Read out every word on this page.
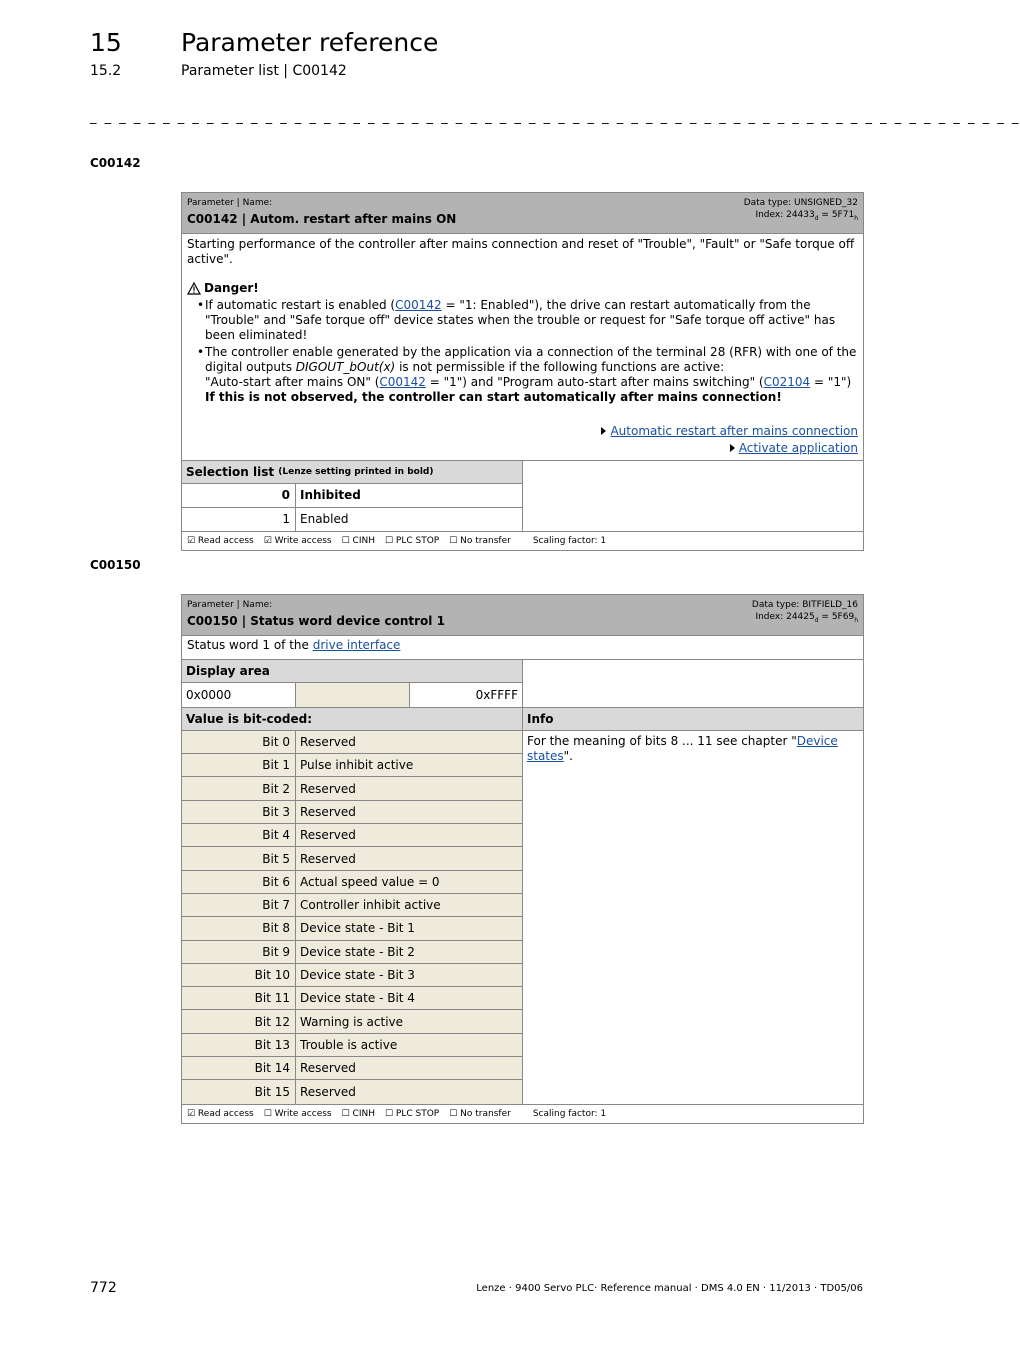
15 Parameter reference
15.2	Parameter list | C00142
_ _ _ _ _ _ _ _ _ _ _ _ _ _ _ _ _ _ _ _ _ _ _ _ _ _ _ _ _ _ _ _ _ _ _ _ _ _ _ _ _ _ _ _ _ _ _ _ _ _ _ _ _ _ _ _ _ _ _ _ _ _ _ _
C00142
Parameter | Name:
C00142 | Autom. restart after mains ON
Data type: UNSIGNED_32
Index: $24433_d = 5F71_h$
Starting performance of the controller after mains connection and reset of "Trouble", "Fault" or "Safe torque off active".
Danger!
• If automatic restart is enabled (C00142 = "1: Enabled"), the drive can restart automatically from the "Trouble" and "Safe torque off" device states when the trouble or request for "Safe torque off active" has been eliminated!
• The controller enable generated by the application via a connection of the terminal 28 (RFR) with one of the digital outputs DIGOUT_bOut(x) is not permissible if the following functions are active:
"Auto-start after mains ON" (C00142 = "1") and "Program auto-start after mains switching" (C02104 = "1")
If this is not observed, the controller can start automatically after mains connection!
Automatic restart after mains connection
Activate application
Selection list
(Lenze setting printed in bold)
0 Inhibited
1 Enabled
☑ Read access ☑ Write access ☐ CINH ☐ PLC STOP ☐ No transfer Scaling factor: 1
C00150
Parameter | Name:
C00150 | Status word device control 1
Data type: BITFIELD_16
Index: $24425_d = 5F69_h$
Status word 1 of the drive interface
Display area
0x0000	0xFFFF
Value is bit-coded:
Bit 0 Reserved
Bit 1 Pulse inhibit active
Bit 2 Reserved
Bit 3 Reserved
Bit 4 Reserved
Bit 5 Reserved
Bit 6 Actual speed value = 0
Bit 7 Controller inhibit active
Bit 8 Device state - Bit 1
Bit 9 Device state - Bit 2
Bit 10 Device state - Bit 3
Bit 11 Device state - Bit 4
Bit 12 Warning is active
Bit 13 Trouble is active
Bit 14 Reserved
Bit 15 Reserved
Info
For the meaning of bits 8 ... 11 see chapter "Device states".
☑ Read access ☐ Write access ☐ CINH ☐ PLC STOP ☐ No transfer Scaling factor: 1
772	Lenze · 9400 Servo PLC· Reference manual · DMS 4.0 EN · 11/2013 · TD05/06
